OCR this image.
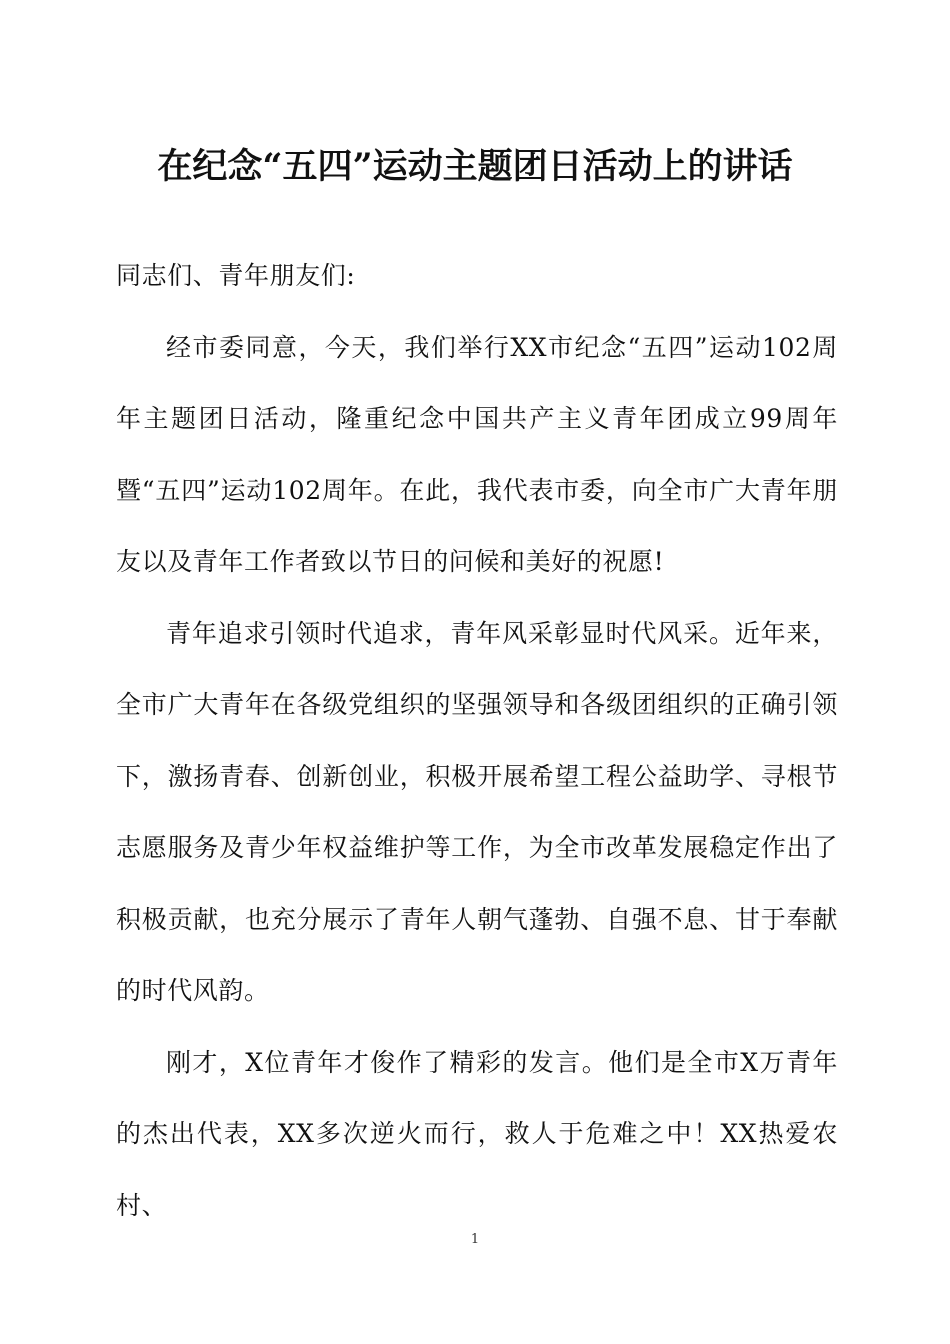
在纪念“五四”运动主题团日活动上的讲话

同志们、青年朋友们:

经市委同意，今天，我们举行XX市纪念“五四”运动102周年主题团日活动，隆重纪念中国共产主义青年团成立99周年暨“五四”运动102周年。在此，我代表市委，向全市广大青年朋友以及青年工作者致以节日的问候和美好的祝愿!

青年追求引领时代追求，青年风采彰显时代风采。近年来，全市广大青年在各级党组织的坚强领导和各级团组织的正确引领下，激扬青春、创新创业，积极开展希望工程公益助学、寻根节志愿服务及青少年权益维护等工作，为全市改革发展稳定作出了积极贡献，也充分展示了青年人朝气蓬勃、自强不息、甘于奉献的时代风韵。

刚才，X位青年才俊作了精彩的发言。他们是全市X万青年的杰出代表，XX多次逆火而行，救人于危难之中！XX热爱农村、

1
